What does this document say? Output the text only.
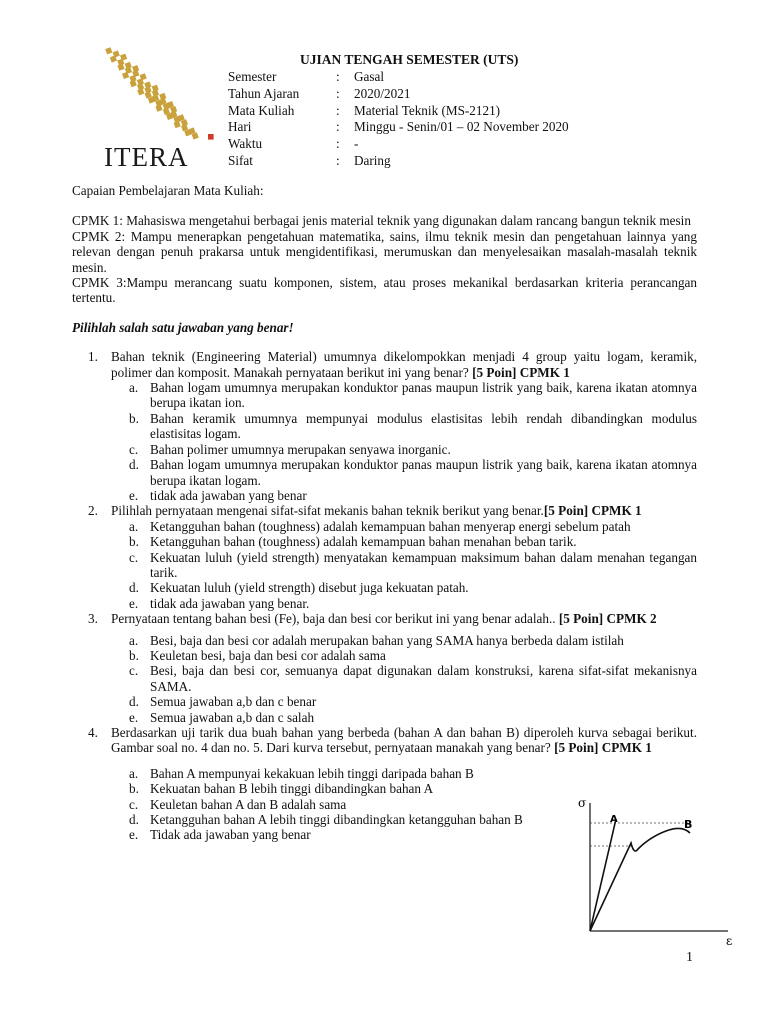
ITERA
UJIAN TENGAH SEMESTER (UTS)
Semester	: Gasal
Tahun Ajaran	: 2020/2021
Mata Kuliah	: Material Teknik (MS-2121)
Hari	: Minggu - Senin/01 – 02 November 2020
Waktu	: -
Sifat	: Daring

Capaian Pembelajaran Mata Kuliah:

CPMK 1: Mahasiswa mengetahui berbagai jenis material teknik yang digunakan dalam rancang bangun teknik mesin

CPMK 2: Mampu menerapkan pengetahuan matematika, sains, ilmu teknik mesin dan pengetahuan lainnya yang relevan dengan penuh prakarsa untuk mengidentifikasi, merumuskan dan menyelesaikan masalah-masalah teknik mesin.

CPMK 3:Mampu merancang suatu komponen, sistem, atau proses mekanikal berdasarkan kriteria perancangan tertentu.

Pilihlah salah satu jawaban yang benar!

1. Bahan teknik (Engineering Material) umumnya dikelompokkan menjadi 4 group yaitu logam, keramik, polimer dan komposit. Manakah pernyataan berikut ini yang benar? [5 Poin] CPMK 1
a. Bahan logam umumnya merupakan konduktor panas maupun listrik yang baik, karena ikatan atomnya berupa ikatan ion.
b. Bahan keramik umumnya mempunyai modulus elastisitas lebih rendah dibandingkan modulus elastisitas logam.
c. Bahan polimer umumnya merupakan senyawa inorganic.
d. Bahan logam umumnya merupakan konduktor panas maupun listrik yang baik, karena ikatan atomnya berupa ikatan logam.
e. tidak ada jawaban yang benar
2. Pilihlah pernyataan mengenai sifat-sifat mekanis bahan teknik berikut yang benar.[5 Poin] CPMK 1
a. Ketangguhan bahan (toughness) adalah kemampuan bahan menyerap energi sebelum patah
b. Ketangguhan bahan (toughness) adalah kemampuan bahan menahan beban tarik.
c. Kekuatan luluh (yield strength) menyatakan kemampuan maksimum bahan dalam menahan tegangan tarik.
d. Kekuatan luluh (yield strength) disebut juga kekuatan patah.
e. tidak ada jawaban yang benar.
3. Pernyataan tentang bahan besi (Fe), baja dan besi cor berikut ini yang benar adalah.. [5 Poin] CPMK 2
a. Besi, baja dan besi cor adalah merupakan bahan yang SAMA hanya berbeda dalam istilah
b. Keuletan besi, baja dan besi cor adalah sama
c. Besi, baja dan besi cor, semuanya dapat digunakan dalam konstruksi, karena sifat-sifat mekanisnya SAMA.
d. Semua jawaban a,b dan c benar
e. Semua jawaban a,b dan c salah
4. Berdasarkan uji tarik dua buah bahan yang berbeda (bahan A dan bahan B) diperoleh kurva sebagai berikut. Gambar soal no. 4 dan no. 5. Dari kurva tersebut, pernyataan manakah yang benar? [5 Poin] CPMK 1
a. Bahan A mempunyai kekakuan lebih tinggi daripada bahan B
b. Kekuatan bahan B lebih tinggi dibandingkan bahan A
c. Keuletan bahan A dan B adalah sama
d. Ketangguhan bahan A lebih tinggi dibandingkan ketangguhan bahan B
e. Tidak ada jawaban yang benar
σ
ε
A	B
1
